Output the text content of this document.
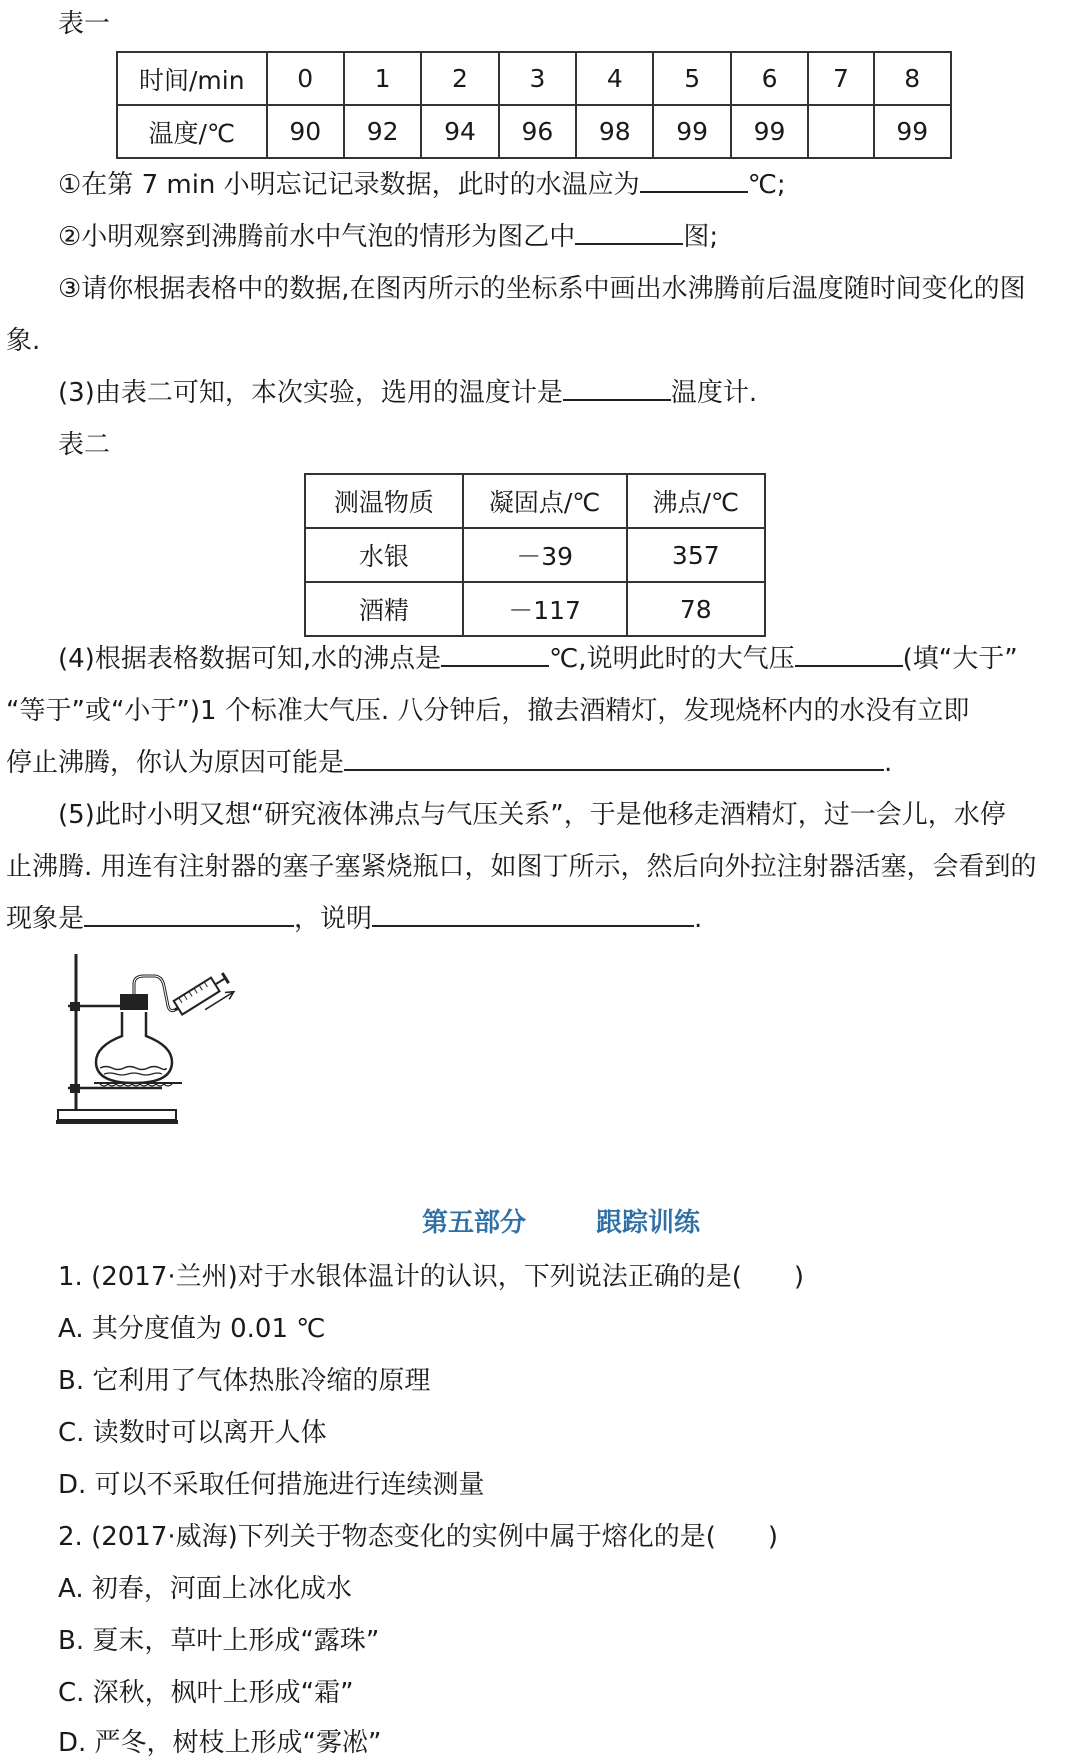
表一
时间/min	0	1	2	3	4	5	6	7	8
温度/℃	90	92	94	96	98	99	99		99
①在第 7 min 小明忘记记录数据，此时的水温应为	℃;
②小明观察到沸腾前水中气泡的情形为图乙中	图;
③请你根据表格中的数据,在图丙所示的坐标系中画出水沸腾前后温度随时间变化的图
象.
(3)由表二可知，本次实验，选用的温度计是	温度计.
表二
测温物质	凝固点/℃	沸点/℃
水银	－39	357
酒精	－117	78
(4)根据表格数据可知,水的沸点是	℃,说明此时的大气压	(填“大于”
“等于”或“小于”)1 个标准大气压. 八分钟后，撤去酒精灯，发现烧杯内的水没有立即
停止沸腾，你认为原因可能是	.
(5)此时小明又想“研究液体沸点与气压关系”，于是他移走酒精灯，过一会儿，水停
止沸腾. 用连有注射器的塞子塞紧烧瓶口，如图丁所示，然后向外拉注射器活塞，会看到的
现象是	，说明	.
第五部分	跟踪训练
1. (2017·兰州)对于水银体温计的认识，下列说法正确的是(　　)
A. 其分度值为 0.01 ℃
B. 它利用了气体热胀冷缩的原理
C. 读数时可以离开人体
D. 可以不采取任何措施进行连续测量
2. (2017·威海)下列关于物态变化的实例中属于熔化的是(　　)
A. 初春，河面上冰化成水
B. 夏末，草叶上形成“露珠”
C. 深秋，枫叶上形成“霜”
D. 严冬，树枝上形成“雾凇”
